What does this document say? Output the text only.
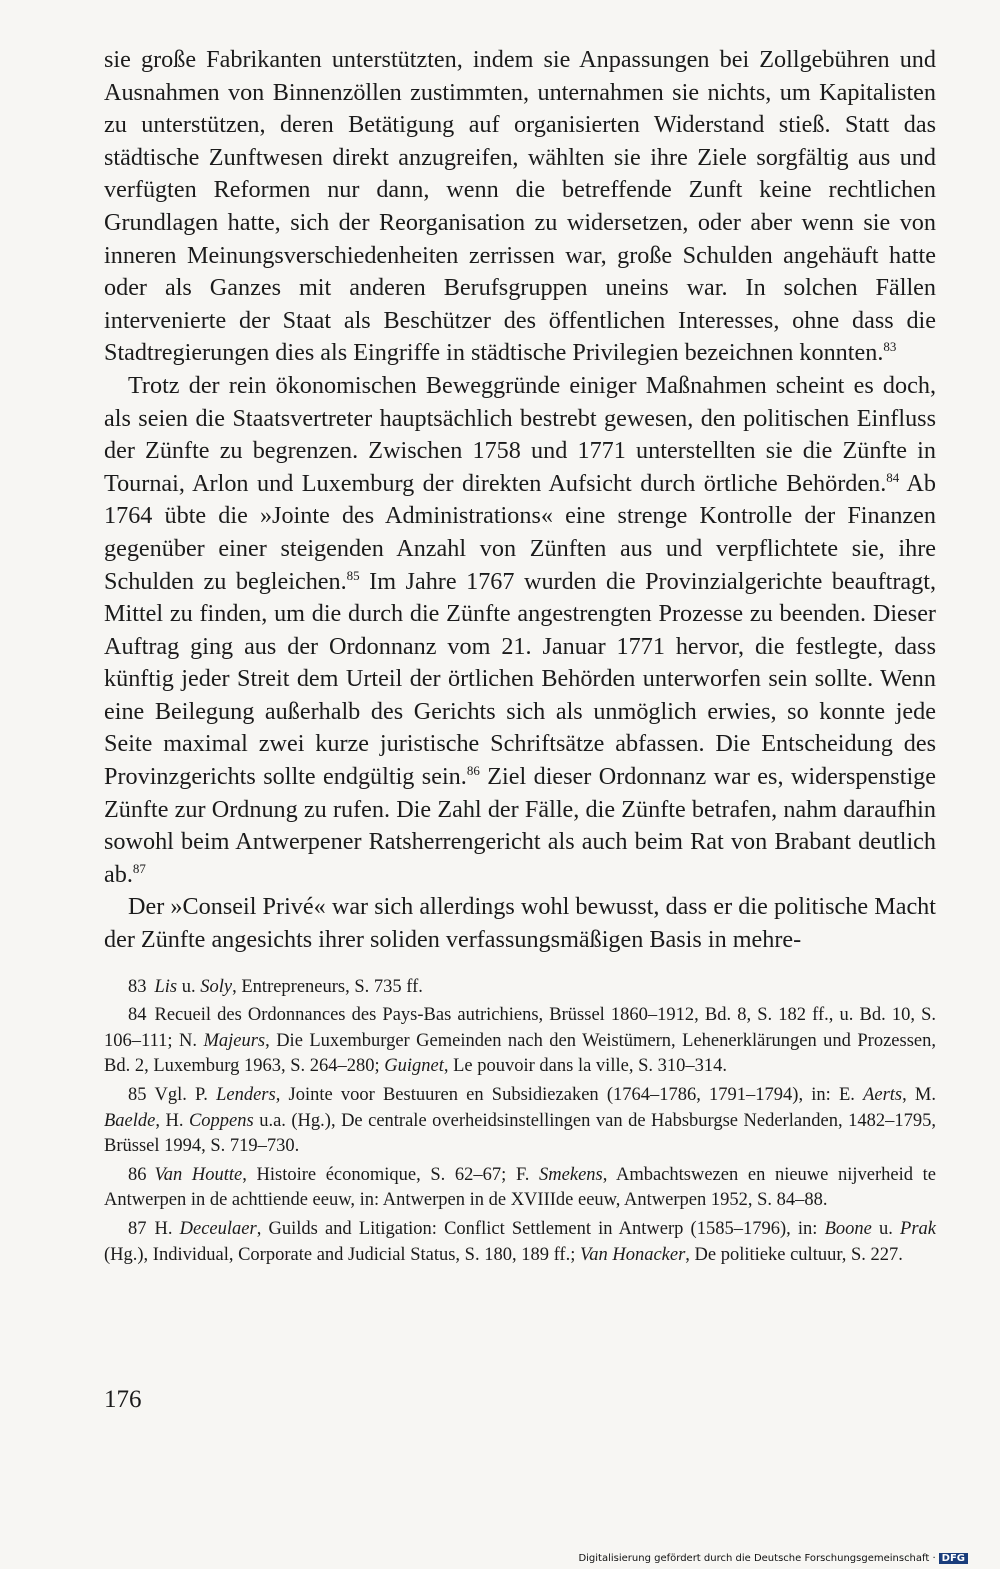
sie große Fabrikanten unterstützten, indem sie Anpassungen bei Zollgebühren und Ausnahmen von Binnenzöllen zustimmten, unternahmen sie nichts, um Kapitalisten zu unterstützen, deren Betätigung auf organisierten Widerstand stieß. Statt das städtische Zunftwesen direkt anzugreifen, wählten sie ihre Ziele sorgfältig aus und verfügten Reformen nur dann, wenn die betreffende Zunft keine rechtlichen Grundlagen hatte, sich der Reorganisation zu widersetzen, oder aber wenn sie von inneren Meinungsverschiedenheiten zerrissen war, große Schulden angehäuft hatte oder als Ganzes mit anderen Berufsgruppen uneins war. In solchen Fällen intervenierte der Staat als Beschützer des öffentlichen Interesses, ohne dass die Stadtregierungen dies als Eingriffe in städtische Privilegien bezeichnen konnten.$^{83}$

Trotz der rein ökonomischen Beweggründe einiger Maßnahmen scheint es doch, als seien die Staatsvertreter hauptsächlich bestrebt gewesen, den politischen Einfluss der Zünfte zu begrenzen. Zwischen 1758 und 1771 unterstellten sie die Zünfte in Tournai, Arlon und Luxemburg der direkten Aufsicht durch örtliche Behörden.$^{84}$ Ab 1764 übte die »Jointe des Administrations« eine strenge Kontrolle der Finanzen gegenüber einer steigenden Anzahl von Zünften aus und verpflichtete sie, ihre Schulden zu begleichen.$^{85}$ Im Jahre 1767 wurden die Provinzialgerichte beauftragt, Mittel zu finden, um die durch die Zünfte angestrengten Prozesse zu beenden. Dieser Auftrag ging aus der Ordonnanz vom 21. Januar 1771 hervor, die festlegte, dass künftig jeder Streit dem Urteil der örtlichen Behörden unterworfen sein sollte. Wenn eine Beilegung außerhalb des Gerichts sich als unmöglich erwies, so konnte jede Seite maximal zwei kurze juristische Schriftsätze abfassen. Die Entscheidung des Provinzgerichts sollte endgültig sein.$^{86}$ Ziel dieser Ordonnanz war es, widerspenstige Zünfte zur Ordnung zu rufen. Die Zahl der Fälle, die Zünfte betrafen, nahm daraufhin sowohl beim Antwerpener Ratsherrengericht als auch beim Rat von Brabant deutlich ab.$^{87}$

Der »Conseil Privé« war sich allerdings wohl bewusst, dass er die politische Macht der Zünfte angesichts ihrer soliden verfassungsmäßigen Basis in mehre-

83 Lis u. Soly, Entrepreneurs, S. 735 ff.

84 Recueil des Ordonnances des Pays-Bas autrichiens, Brüssel 1860–1912, Bd. 8, S. 182 ff., u. Bd. 10, S. 106–111; N. Majeurs, Die Luxemburger Gemeinden nach den Weistümern, Lehenerklärungen und Prozessen, Bd. 2, Luxemburg 1963, S. 264–280; Guignet, Le pouvoir dans la ville, S. 310–314.

85 Vgl. P. Lenders, Jointe voor Bestuuren en Subsidiezaken (1764–1786, 1791–1794), in: E. Aerts, M. Baelde, H. Coppens u.a. (Hg.), De centrale overheidsinstellingen van de Habsburgse Nederlanden, 1482–1795, Brüssel 1994, S. 719–730.

86 Van Houtte, Histoire économique, S. 62–67; F. Smekens, Ambachtswezen en nieuwe nijverheid te Antwerpen in de achttiende eeuw, in: Antwerpen in de XVIIIde eeuw, Antwerpen 1952, S. 84–88.

87 H. Deceulaer, Guilds and Litigation: Conflict Settlement in Antwerp (1585–1796), in: Boone u. Prak (Hg.), Individual, Corporate and Judicial Status, S. 180, 189 ff.; Van Honacker, De politieke cultuur, S. 227.

176

Digitalisierung gefördert durch die Deutsche Forschungsgemeinschaft · DFG
